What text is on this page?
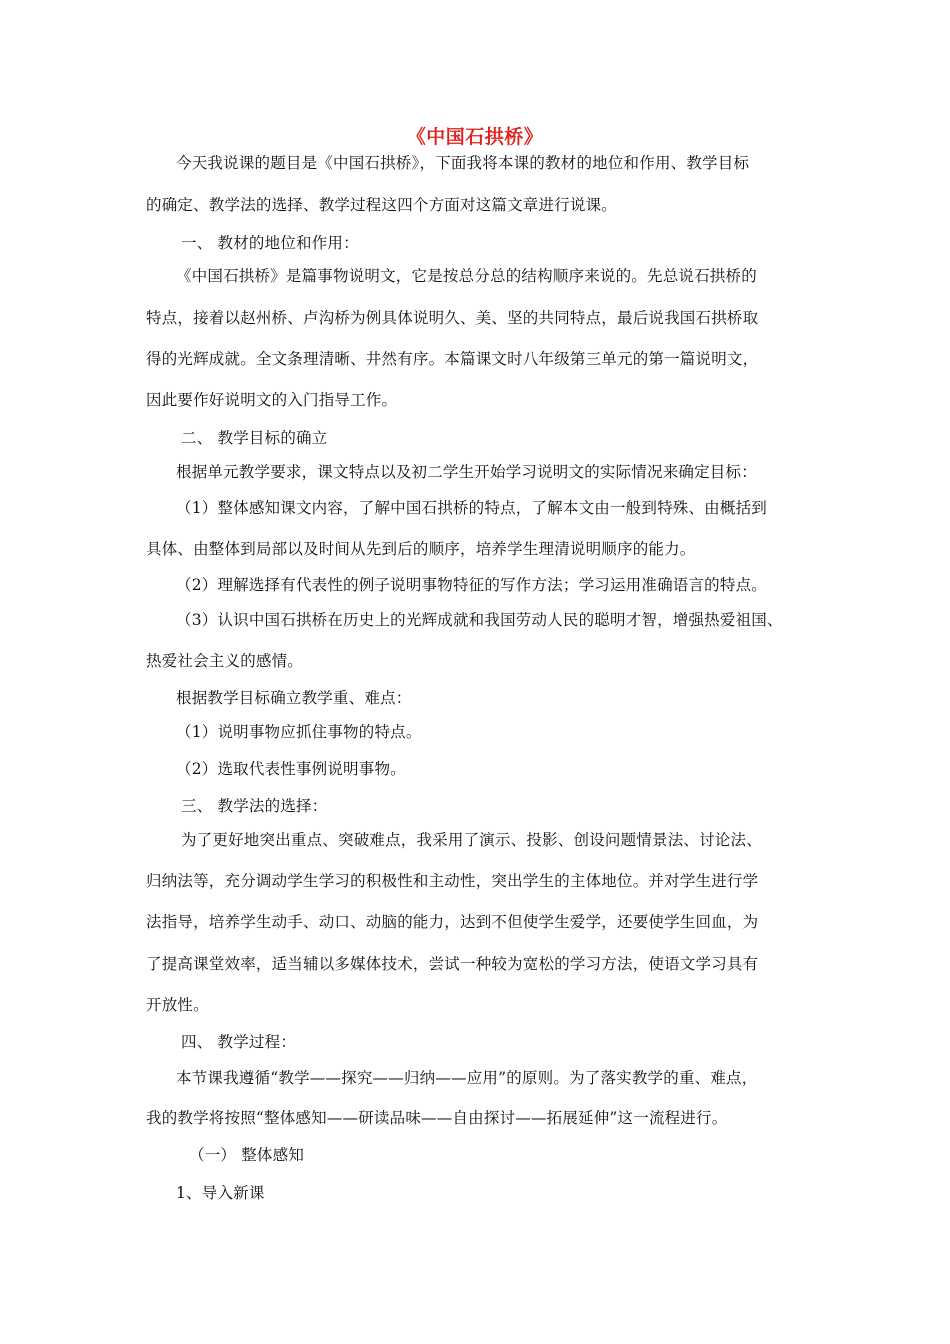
《中国石拱桥》
今天我说课的题目是《中国石拱桥》，下面我将本课的教材的地位和作用、教学目标
的确定、教学法的选择、教学过程这四个方面对这篇文章进行说课。
一、 教材的地位和作用：
《中国石拱桥》是篇事物说明文，它是按总分总的结构顺序来说的。先总说石拱桥的
特点，接着以赵州桥、卢沟桥为例具体说明久、美、坚的共同特点，最后说我国石拱桥取
得的光辉成就。全文条理清晰、井然有序。本篇课文时八年级第三单元的第一篇说明文，
因此要作好说明文的入门指导工作。
二、 教学目标的确立
根据单元教学要求，课文特点以及初二学生开始学习说明文的实际情况来确定目标：
（1）整体感知课文内容，了解中国石拱桥的特点，了解本文由一般到特殊、由概括到
具体、由整体到局部以及时间从先到后的顺序，培养学生理清说明顺序的能力。
（2）理解选择有代表性的例子说明事物特征的写作方法；学习运用准确语言的特点。
（3）认识中国石拱桥在历史上的光辉成就和我国劳动人民的聪明才智，增强热爱祖国、
热爱社会主义的感情。
根据教学目标确立教学重、难点：
（1）说明事物应抓住事物的特点。
（2）选取代表性事例说明事物。
三、 教学法的选择：
为了更好地突出重点、突破难点，我采用了演示、投影、创设问题情景法、讨论法、
归纳法等，充分调动学生学习的积极性和主动性，突出学生的主体地位。并对学生进行学
法指导，培养学生动手、动口、动脑的能力，达到不但使学生爱学，还要使学生回血，为
了提高课堂效率，适当辅以多媒体技术，尝试一种较为宽松的学习方法，使语文学习具有
开放性。
四、 教学过程：
本节课我遵循“教学——探究——归纳——应用”的原则。为了落实教学的重、难点，
我的教学将按照“整体感知——研读品味——自由探讨——拓展延伸”这一流程进行。
（一） 整体感知
1、导入新课
